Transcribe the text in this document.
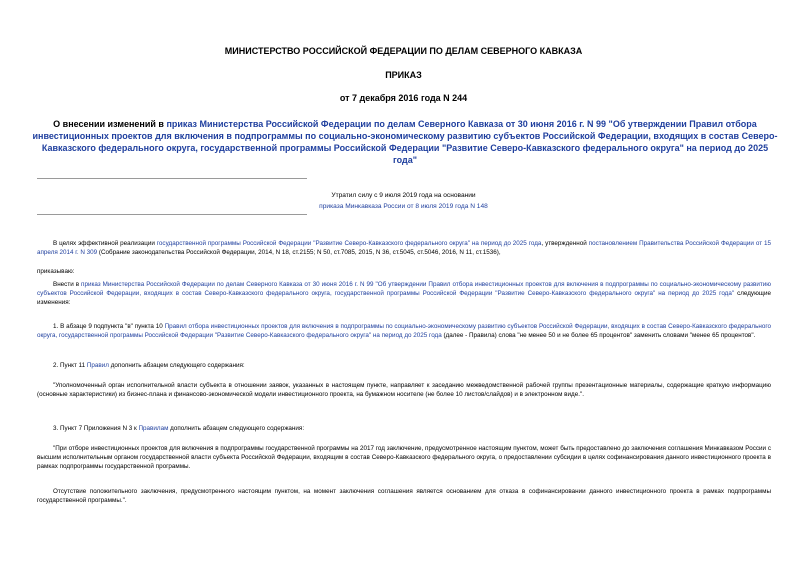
МИНИСТЕРСТВО РОССИЙСКОЙ ФЕДЕРАЦИИ ПО ДЕЛАМ СЕВЕРНОГО КАВКАЗА
ПРИКАЗ
от 7 декабря 2016 года N 244
О внесении изменений в приказ Министерства Российской Федерации по делам Северного Кавказа от 30 июня 2016 г. N 99 "Об утверждении Правил отбора инвестиционных проектов для включения в подпрограммы по социально-экономическому развитию субъектов Российской Федерации, входящих в состав Северо-Кавказского федерального округа, государственной программы Российской Федерации "Развитие Северо-Кавказского федерального округа" на период до 2025 года"
Утратил силу с 9 июля 2019 года на основании
приказа Минкавказа России от 8 июля 2019 года N 148
В целях эффективной реализации государственной программы Российской Федерации "Развитие Северо-Кавказского федерального округа" на период до 2025 года, утвержденной постановлением Правительства Российской Федерации от 15 апреля 2014 г. N 309 (Собрание законодательства Российской Федерации, 2014, N 18, ст.2155; N 50, ст.7085, 2015, N 36, ст.5045, ст.5046, 2016, N 11, ст.1536),
приказываю:
Внести в приказ Министерства Российской Федерации по делам Северного Кавказа от 30 июня 2016 г. N 99 "Об утверждении Правил отбора инвестиционных проектов для включения в подпрограммы по социально-экономическому развитию субъектов Российской Федерации, входящих в состав Северо-Кавказского федерального округа, государственной программы Российской Федерации "Развитие Северо-Кавказского федерального округа" на период до 2025 года" следующие изменения:
1. В абзаце 9 подпункта "в" пункта 10 Правил отбора инвестиционных проектов для включения в подпрограммы по социально-экономическому развитию субъектов Российской Федерации, входящих в состав Северо-Кавказского федерального округа, государственной программы Российской Федерации "Развитие Северо-Кавказского федерального округа" на период до 2025 года (далее - Правила) слова "не менее 50 и не более 65 процентов" заменить словами "менее 65 процентов".
2. Пункт 11 Правил дополнить абзацем следующего содержания:
"Уполномоченный орган исполнительной власти субъекта в отношении заявок, указанных в настоящем пункте, направляет к заседанию межведомственной рабочей группы презентационные материалы, содержащие краткую информацию (основные характеристики) из бизнес-плана и финансово-экономической модели инвестиционного проекта, на бумажном носителе (не более 10 листов/слайдов) и в электронном виде.".
3. Пункт 7 Приложения N 3 к Правилам дополнить абзацем следующего содержания:
"При отборе инвестиционных проектов для включения в подпрограммы государственной программы на 2017 год заключение, предусмотренное настоящим пунктом, может быть предоставлено до заключения соглашения Минкавказом России с высшим исполнительным органом государственной власти субъекта Российской Федерации, входящим в состав Северо-Кавказского федерального округа, о предоставлении субсидии в целях софинансирования данного инвестиционного проекта в рамках подпрограммы государственной программы.
Отсутствие положительного заключения, предусмотренного настоящим пунктом, на момент заключения соглашения является основанием для отказа в софинансировании данного инвестиционного проекта в рамках подпрограммы государственной программы.".
